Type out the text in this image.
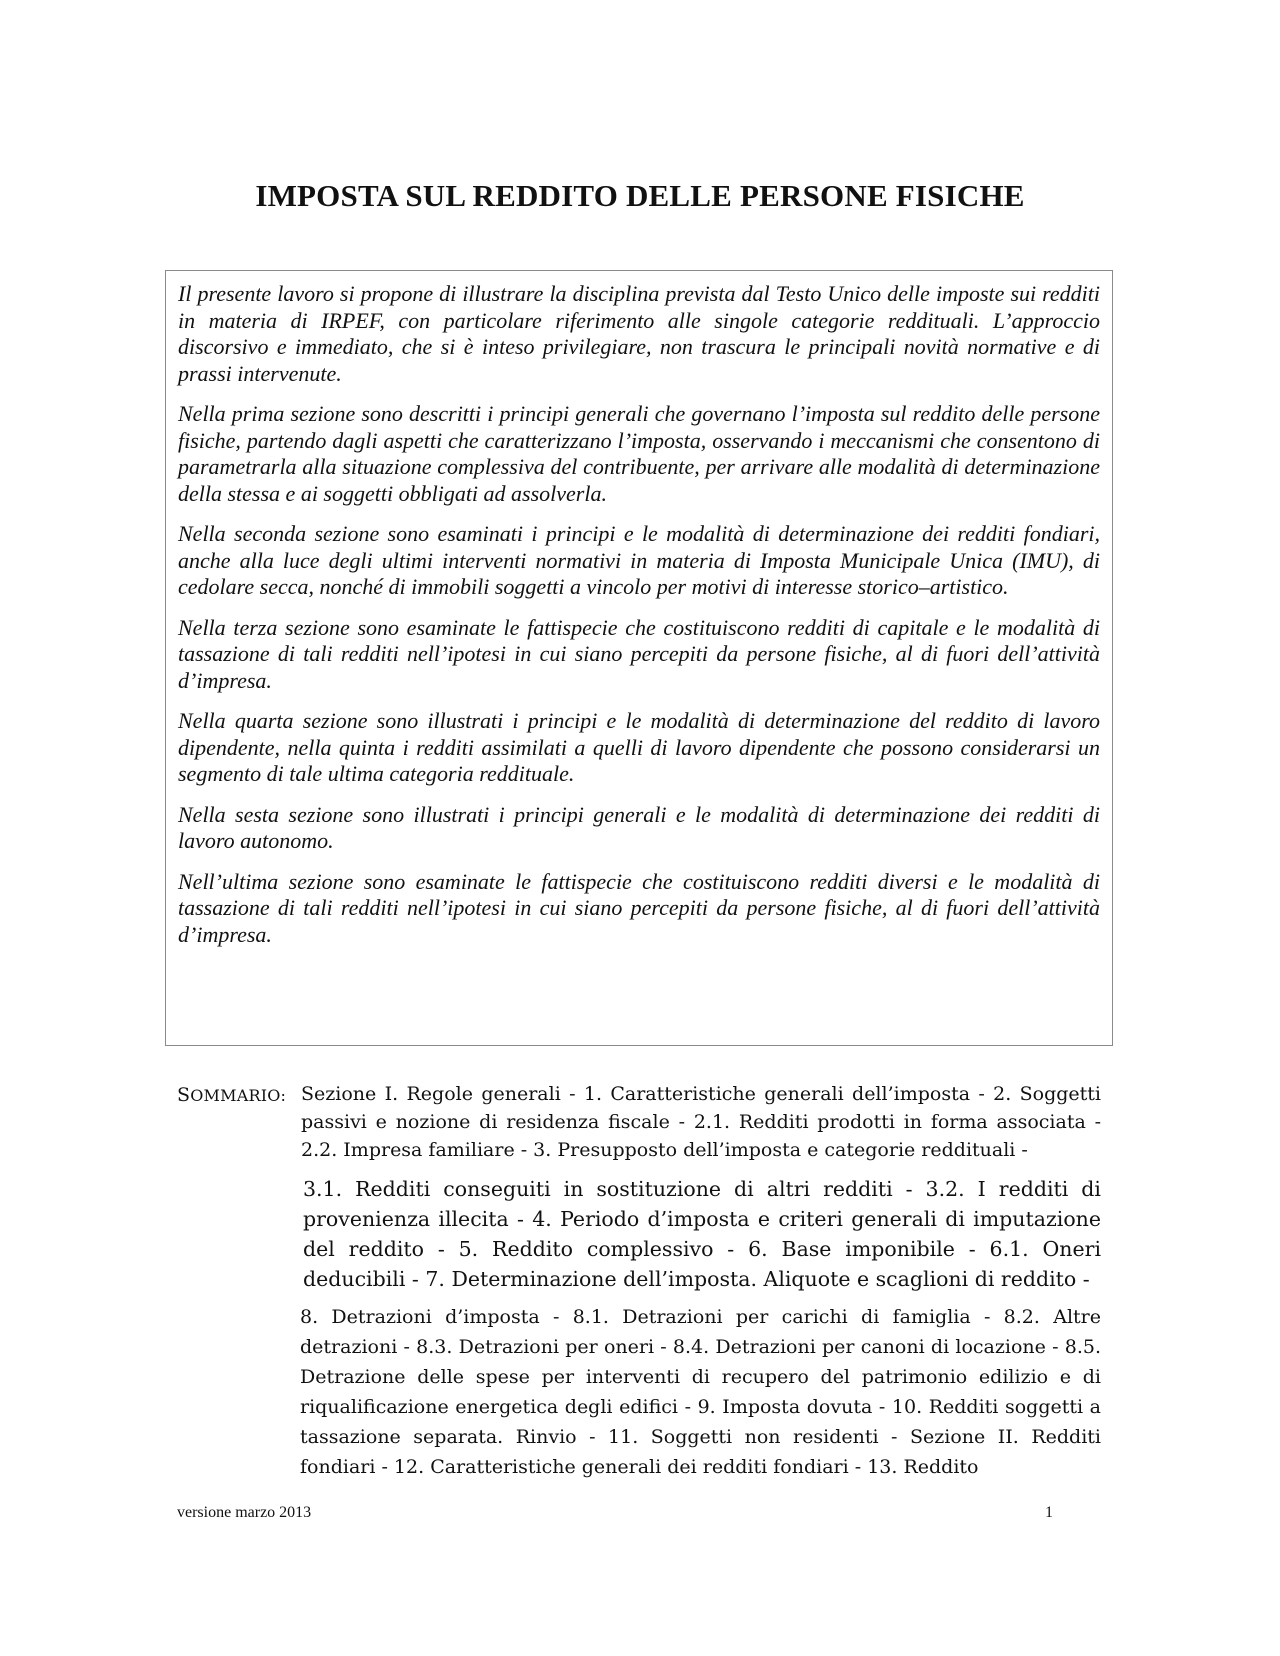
IMPOSTA SUL REDDITO DELLE PERSONE FISICHE

Il presente lavoro si propone di illustrare la disciplina prevista dal Testo Unico delle imposte sui redditi in materia di IRPEF, con particolare riferimento alle singole categorie reddituali. L’approccio discorsivo e immediato, che si è inteso privilegiare, non trascura le principali novità normative e di prassi intervenute.

Nella prima sezione sono descritti i principi generali che governano l’imposta sul reddito delle persone fisiche, partendo dagli aspetti che caratterizzano l’imposta, osservando i meccanismi che consentono di parametrarla alla situazione complessiva del contribuente, per arrivare alle modalità di determinazione della stessa e ai soggetti obbligati ad assolverla.

Nella seconda sezione sono esaminati i principi e le modalità di determinazione dei redditi fondiari, anche alla luce degli ultimi interventi normativi in materia di Imposta Municipale Unica (IMU), di cedolare secca, nonché di immobili soggetti a vincolo per motivi di interesse storico–artistico.

Nella terza sezione sono esaminate le fattispecie che costituiscono redditi di capitale e le modalità di tassazione di tali redditi nell’ipotesi in cui siano percepiti da persone fisiche, al di fuori dell’attività d’impresa.

Nella quarta sezione sono illustrati i principi e le modalità di determinazione del reddito di lavoro dipendente, nella quinta i redditi assimilati a quelli di lavoro dipendente che possono considerarsi un segmento di tale ultima categoria reddituale.

Nella sesta sezione sono illustrati i principi generali e le modalità di determinazione dei redditi di lavoro autonomo.

Nell’ultima sezione sono esaminate le fattispecie che costituiscono redditi diversi e le modalità di tassazione di tali redditi nell’ipotesi in cui siano percepiti da persone fisiche, al di fuori dell’attività d’impresa.

SOMMARIO: Sezione I. Regole generali - 1. Caratteristiche generali dell’imposta - 2. Soggetti passivi e nozione di residenza fiscale - 2.1. Redditi prodotti in forma associata - 2.2. Impresa familiare - 3. Presupposto dell’imposta e categorie reddituali -

3.1. Redditi conseguiti in sostituzione di altri redditi - 3.2. I redditi di provenienza illecita - 4. Periodo d’imposta e criteri generali di imputazione del reddito - 5. Reddito complessivo - 6. Base imponibile - 6.1. Oneri deducibili - 7. Determinazione dell’imposta. Aliquote e scaglioni di reddito -

8. Detrazioni d’imposta - 8.1. Detrazioni per carichi di famiglia - 8.2. Altre detrazioni - 8.3. Detrazioni per oneri - 8.4. Detrazioni per canoni di locazione - 8.5. Detrazione delle spese per interventi di recupero del patrimonio edilizio e di riqualificazione energetica degli edifici - 9. Imposta dovuta - 10. Redditi soggetti a tassazione separata. Rinvio - 11. Soggetti non residenti - Sezione II. Redditi fondiari - 12. Caratteristiche generali dei redditi fondiari - 13. Reddito

versione marzo 2013	1
